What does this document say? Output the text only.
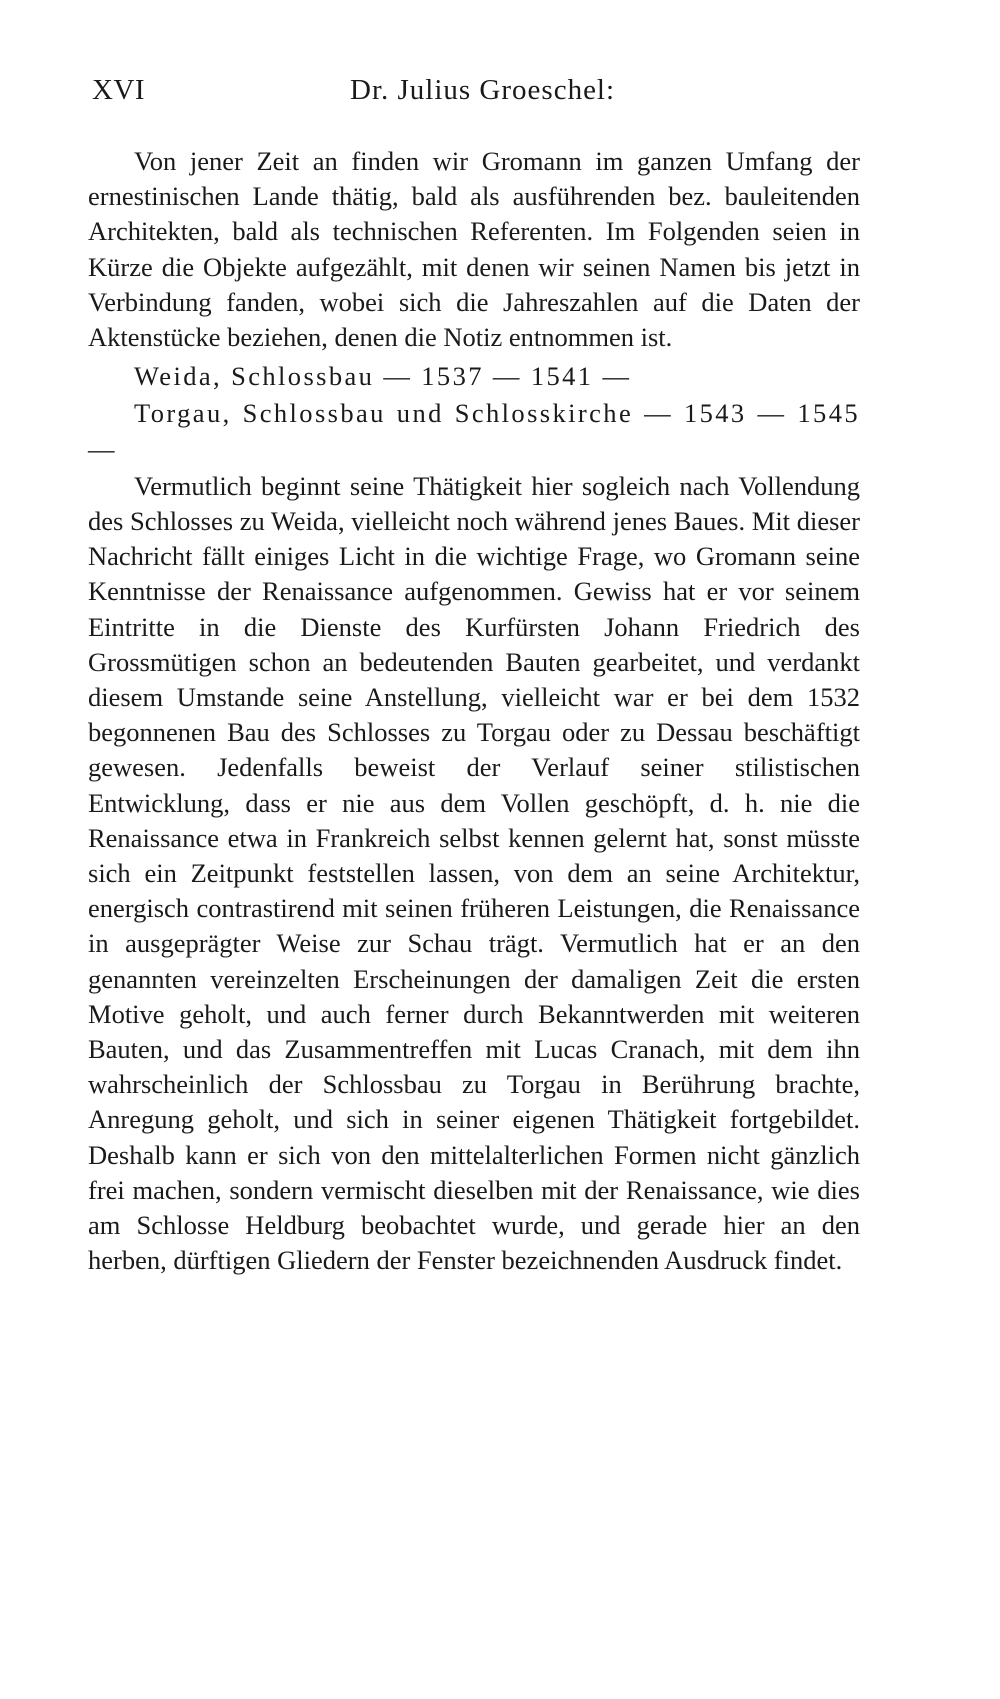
XVI	Dr. Julius Groeschel:

Von jener Zeit an finden wir Gromann im ganzen Umfang der ernestinischen Lande thätig, bald als ausführenden bez. bauleitenden Architekten, bald als technischen Referenten. Im Folgenden seien in Kürze die Objekte aufgezählt, mit denen wir seinen Namen bis jetzt in Verbindung fanden, wobei sich die Jahreszahlen auf die Daten der Aktenstücke beziehen, denen die Notiz entnommen ist.

Weida, Schlossbau — 1537 — 1541 —

Torgau, Schlossbau und Schlosskirche — 1543 — 1545 —

Vermutlich beginnt seine Thätigkeit hier sogleich nach Vollendung des Schlosses zu Weida, vielleicht noch während jenes Baues. Mit dieser Nachricht fällt einiges Licht in die wichtige Frage, wo Gromann seine Kenntnisse der Renaissance aufgenommen. Gewiss hat er vor seinem Eintritte in die Dienste des Kurfürsten Johann Friedrich des Grossmütigen schon an bedeutenden Bauten gearbeitet, und verdankt diesem Umstande seine Anstellung, vielleicht war er bei dem 1532 begonnenen Bau des Schlosses zu Torgau oder zu Dessau beschäftigt gewesen. Jedenfalls beweist der Verlauf seiner stilistischen Entwicklung, dass er nie aus dem Vollen geschöpft, d. h. nie die Renaissance etwa in Frankreich selbst kennen gelernt hat, sonst müsste sich ein Zeitpunkt feststellen lassen, von dem an seine Architektur, energisch contrastirend mit seinen früheren Leistungen, die Renaissance in ausgeprägter Weise zur Schau trägt. Vermutlich hat er an den genannten vereinzelten Erscheinungen der damaligen Zeit die ersten Motive geholt, und auch ferner durch Bekanntwerden mit weiteren Bauten, und das Zusammentreffen mit Lucas Cranach, mit dem ihn wahrscheinlich der Schlossbau zu Torgau in Berührung brachte, Anregung geholt, und sich in seiner eigenen Thätigkeit fortgebildet. Deshalb kann er sich von den mittelalterlichen Formen nicht gänzlich frei machen, sondern vermischt dieselben mit der Renaissance, wie dies am Schlosse Heldburg beobachtet wurde, und gerade hier an den herben, dürftigen Gliedern der Fenster bezeichnenden Ausdruck findet.
